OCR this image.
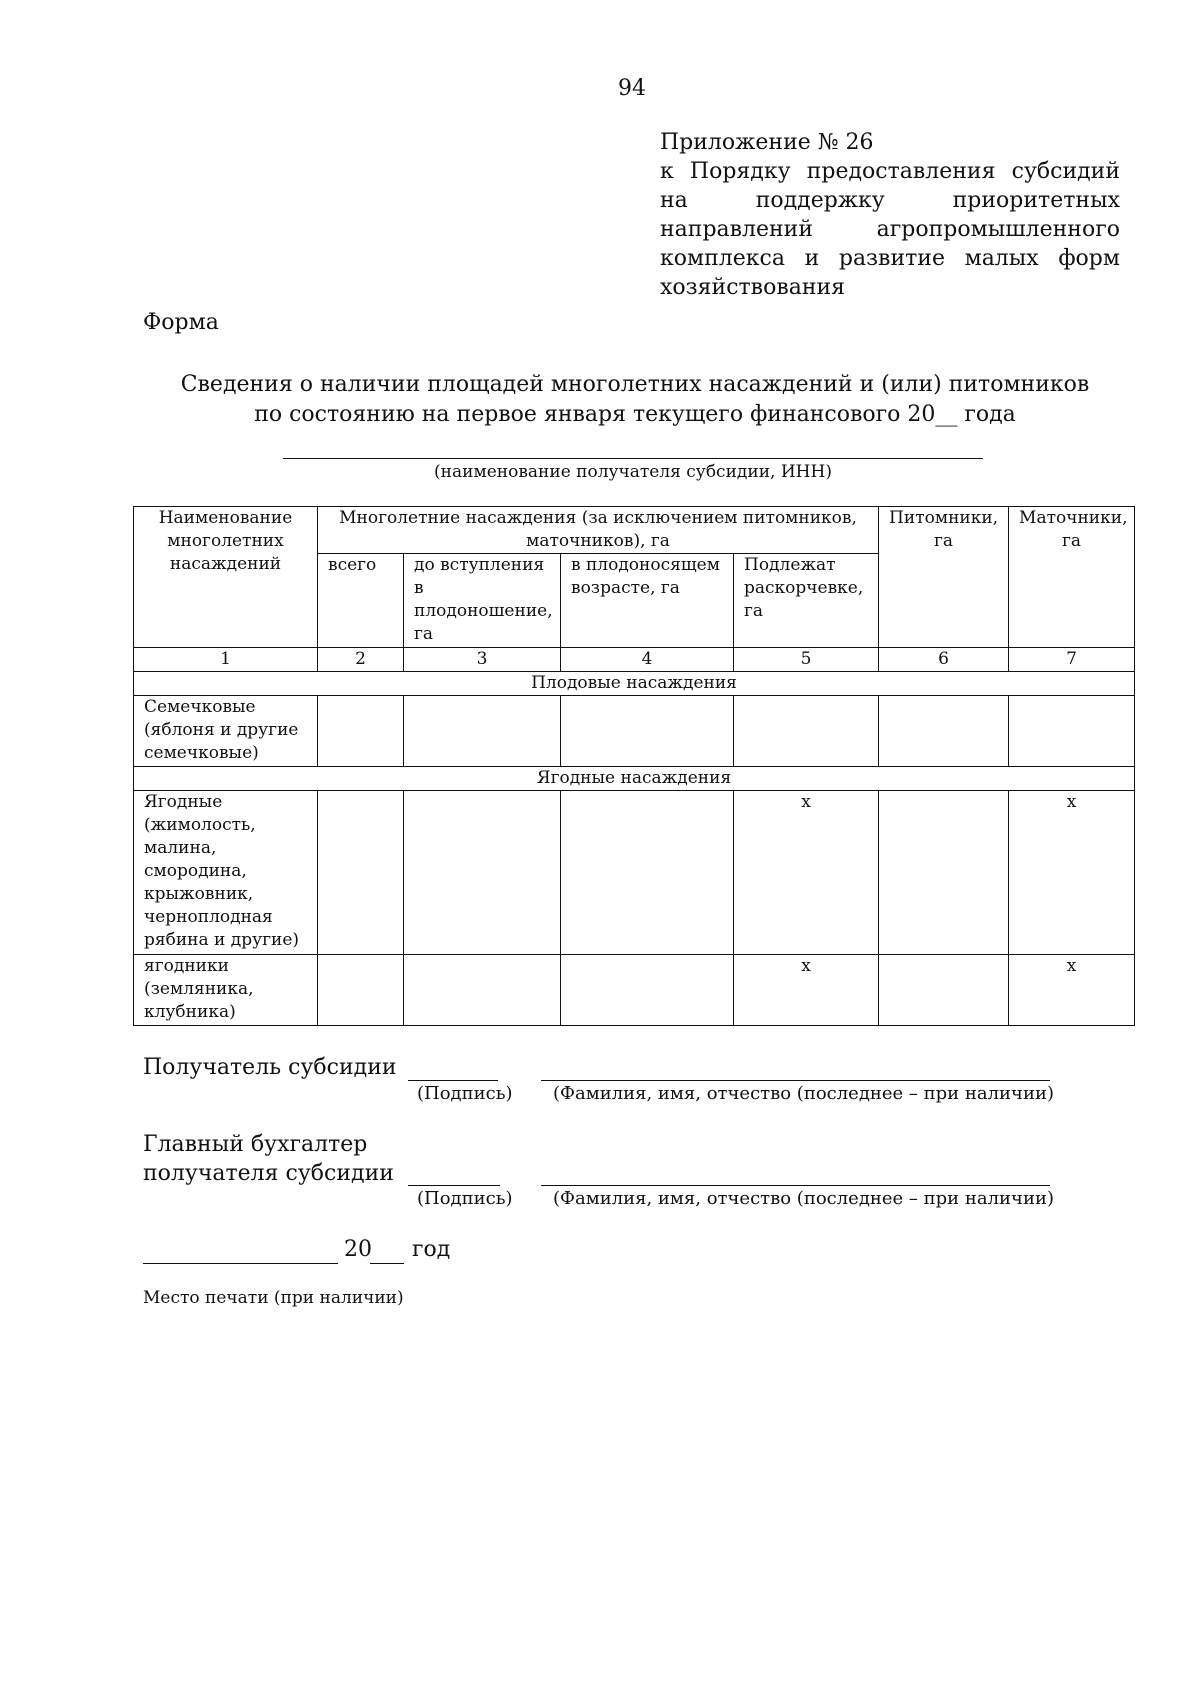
94
Приложение № 26
к Порядку предоставления субсидий на поддержку приоритетных направлений агропромышленного комплекса и развитие малых форм хозяйствования
Форма
Сведения о наличии площадей многолетних насаждений и (или) питомников
по состоянию на первое января текущего финансового 20__ года
(наименование получателя субсидии, ИНН)
Наименование многолетних насаждений	Многолетние насаждения (за исключением питомников, маточников), га				Питомники, га	Маточники, га
	всего	до вступления в плодоношение, га	в плодоносящем возрасте, га	Подлежат раскорчевке, га		
1	2	3	4	5	6	7
Плодовые насаждения						
Семечковые (яблоня и другие семечковые)						
Ягодные насаждения						
Ягодные (жимолость, малина, смородина, крыжовник, черноплодная рябина и другие)				x		x
ягодники (земляника, клубника)				x		x
Получатель субсидии
(Подпись) (Фамилия, имя, отчество (последнее – при наличии)
Главный бухгалтер
получателя субсидии
(Подпись) (Фамилия, имя, отчество (последнее – при наличии)
20 год
Место печати (при наличии)
